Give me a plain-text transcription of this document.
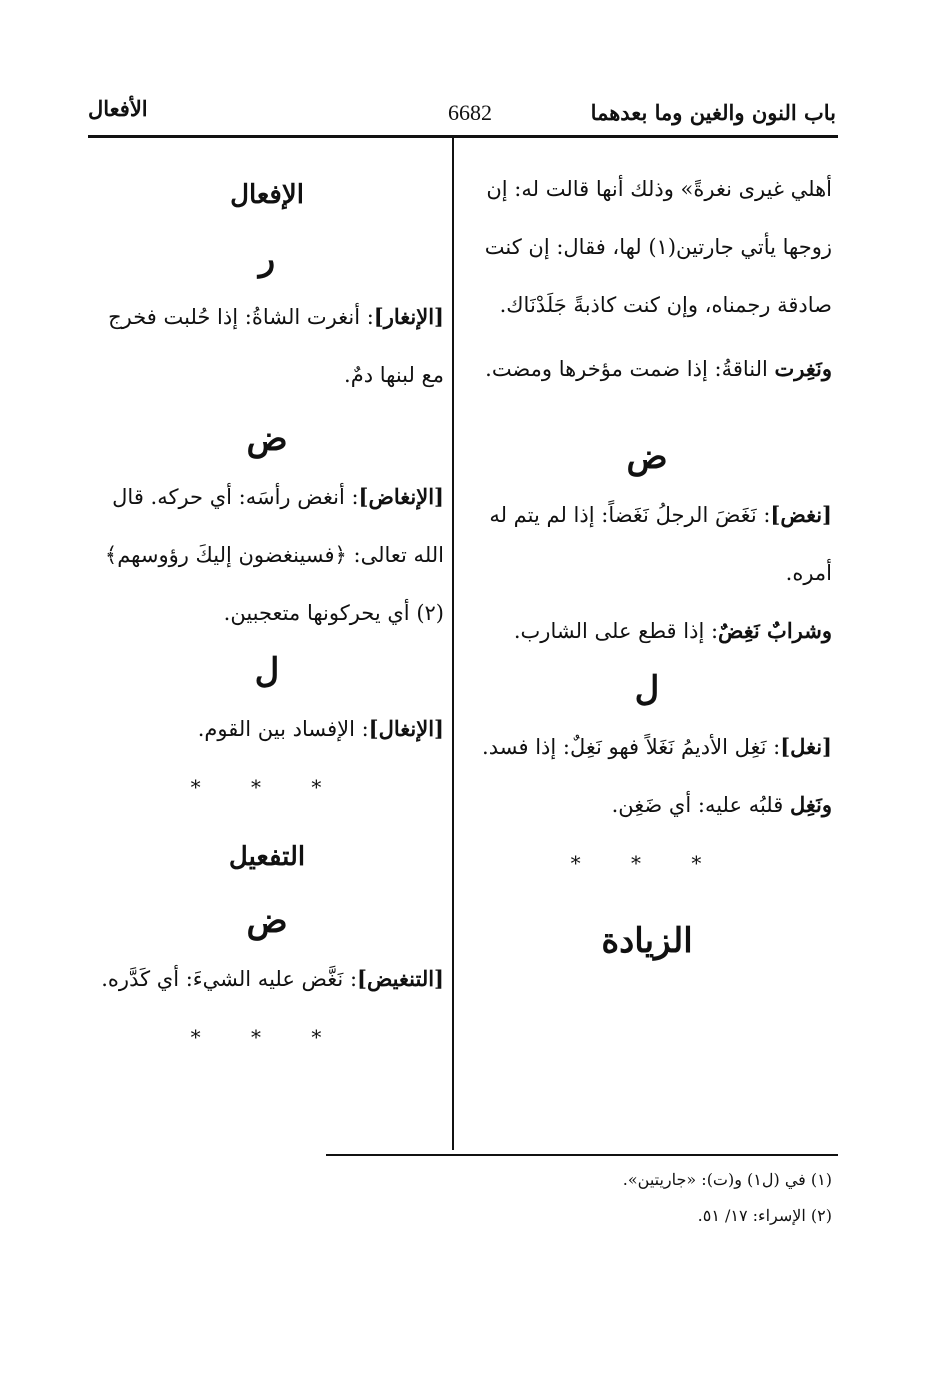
باب النون والغين وما بعدهما
6682
الأفعال

أهلي غيرى نغرةً» وذلك أنها قالت له: إن زوجها يأتي جارتين(١) لها، فقال: إن كنت صادقة رجمناه، وإن كنت كاذبةً جَلَدْنَاك.

ونَغِرت الناقةُ: إذا ضمت مؤخرها ومضت.

ض

[نغض]: نَغَضَ الرجلُ نَغَضاً: إذا لم يتم له أمره.

وشرابٌ نَغِضٌ: إذا قطع على الشارب.

ل

[نغل]: نَغِل الأديمُ نَغَلاً فهو نَغِلٌ: إذا فسد.

ونَغِل قلبُه عليه: أي ضَغِن.

* * *
الزيادة
الإفعال
ر

[الإنغار]: أنغرت الشاةُ: إذا حُلبت فخرج مع لبنها دمٌ.

ض

[الإنغاض]: أنغض رأسَه: أي حركه. قال الله تعالى: ﴿فسينغضون إليكَ رؤوسهم﴾(٢) أي يحركونها متعجبين.

ل

[الإنغال]: الإفساد بين القوم.

* * *
التفعيل
ض

[التنغيض]: نَغَّض عليه الشيءَ: أي كَدَّره.

* * *
(١) في (ل١) و(ت): «جاريتين».
(٢) الإسراء: ١٧/ ٥١.
